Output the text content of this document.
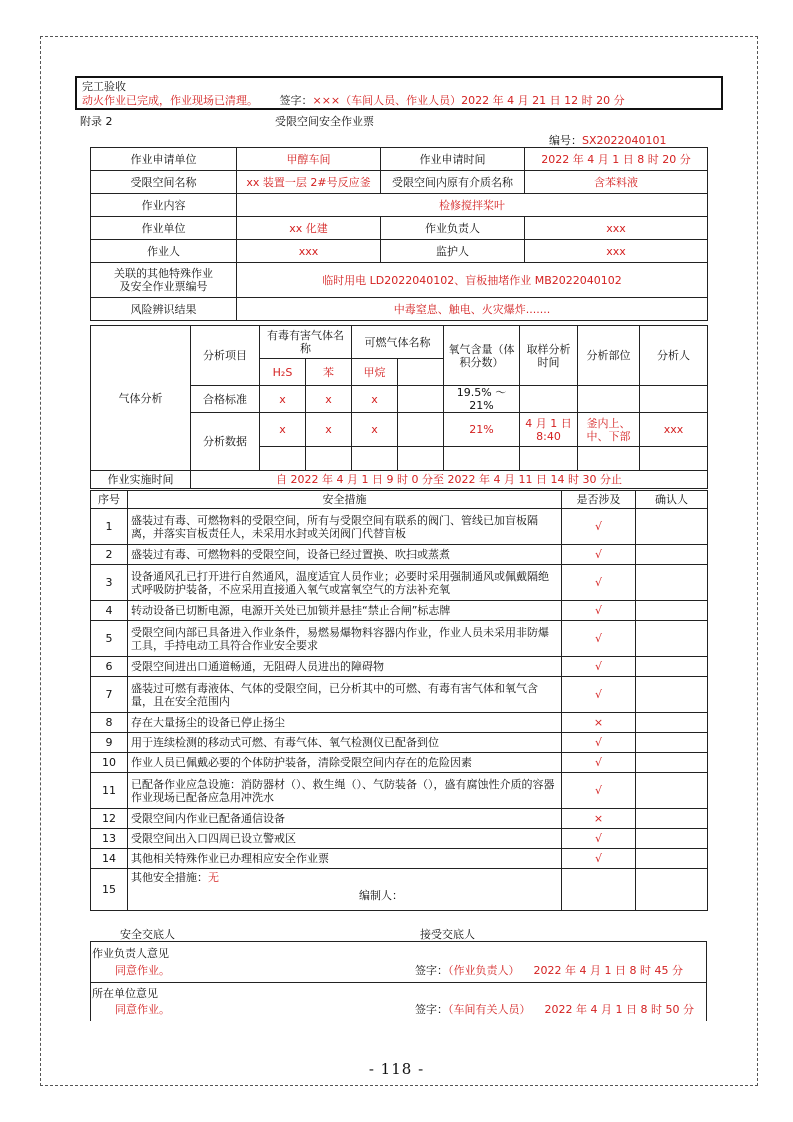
完工验收
动火作业已完成，作业现场已清理。 签字：×××（车间人员、作业人员）2022 年 4 月 21 日 12 时 20 分
附录 2	受限空间安全作业票
编号：SX2022040101
作业申请单位	甲醇车间	作业申请时间	2022 年 4 月 1 日 8 时 20 分
受限空间名称	xx 装置一层 2#号反应釜	受限空间内原有介质名称	含苯料液
作业内容	检修搅拌桨叶		
作业单位	xx 化建	作业负责人	xxx
作业人	xxx	监护人	xxx

关联的其他特殊作业
及安全作业票编号	临时用电 LD2022040102、盲板抽堵作业 MB2022040102		
风险辨识结果	中毒窒息、触电、火灾爆炸.......		
气体分析	分析项目	有毒有害气体名称		可燃气体名称		氧气含量（体积分数）	取样分析时间	分析部位	分析人
		H₂S	苯	甲烷					
	合格标准	x	x	x		19.5% ～21%			
	分析数据	x	x	x		21%	4 月 1 日 8:40	釜内上、中、下部	xxx

作业实施时间	自 2022 年 4 月 1 日 9 时 0 分至 2022 年 4 月 11 日 14 时 30 分止								
序号	安全措施	是否涉及	确认人
1	盛装过有毒、可燃物料的受限空间，所有与受限空间有联系的阀门、管线已加盲板隔离，并落实盲板责任人，未采用水封或关闭阀门代替盲板	√	
2	盛装过有毒、可燃物料的受限空间，设备已经过置换、吹扫或蒸煮	√	
3	设备通风孔已打开进行自然通风，温度适宜人员作业；必要时采用强制通风或佩戴隔绝式呼吸防护装备，不应采用直接通入氧气或富氧空气的方法补充氧	√	
4	转动设备已切断电源，电源开关处已加锁并悬挂“禁止合闸”标志牌	√	
5	受限空间内部已具备进入作业条件，易燃易爆物料容器内作业，作业人员未采用非防爆工具，手持电动工具符合作业安全要求	√	
6	受限空间进出口通道畅通，无阻碍人员进出的障碍物	√	
7	盛装过可燃有毒液体、气体的受限空间，已分析其中的可燃、有毒有害气体和氧气含量，且在安全范围内	√	
8	存在大量扬尘的设备已停止扬尘	×	
9	用于连续检测的移动式可燃、有毒气体、氧气检测仪已配备到位	√	
10	作业人员已佩戴必要的个体防护装备，清除受限空间内存在的危险因素	√	
11	已配备作业应急设施：消防器材（）、救生绳（）、气防装备（），盛有腐蚀性介质的容器作业现场已配备应急用冲洗水	√	
12	受限空间内作业已配备通信设备	×	
13	受限空间出入口四周已设立警戒区	√	
14	其他相关特殊作业已办理相应安全作业票	√	
15	其他安全措施：无
编制人：		

安全交底人	接受交底人
作业负责人意见
同意作业。	签字：（作业负责人） 2022 年 4 月 1 日 8 时 45 分
所在单位意见
同意作业。	签字：（车间有关人员） 2022 年 4 月 1 日 8 时 50 分
- 118 -
